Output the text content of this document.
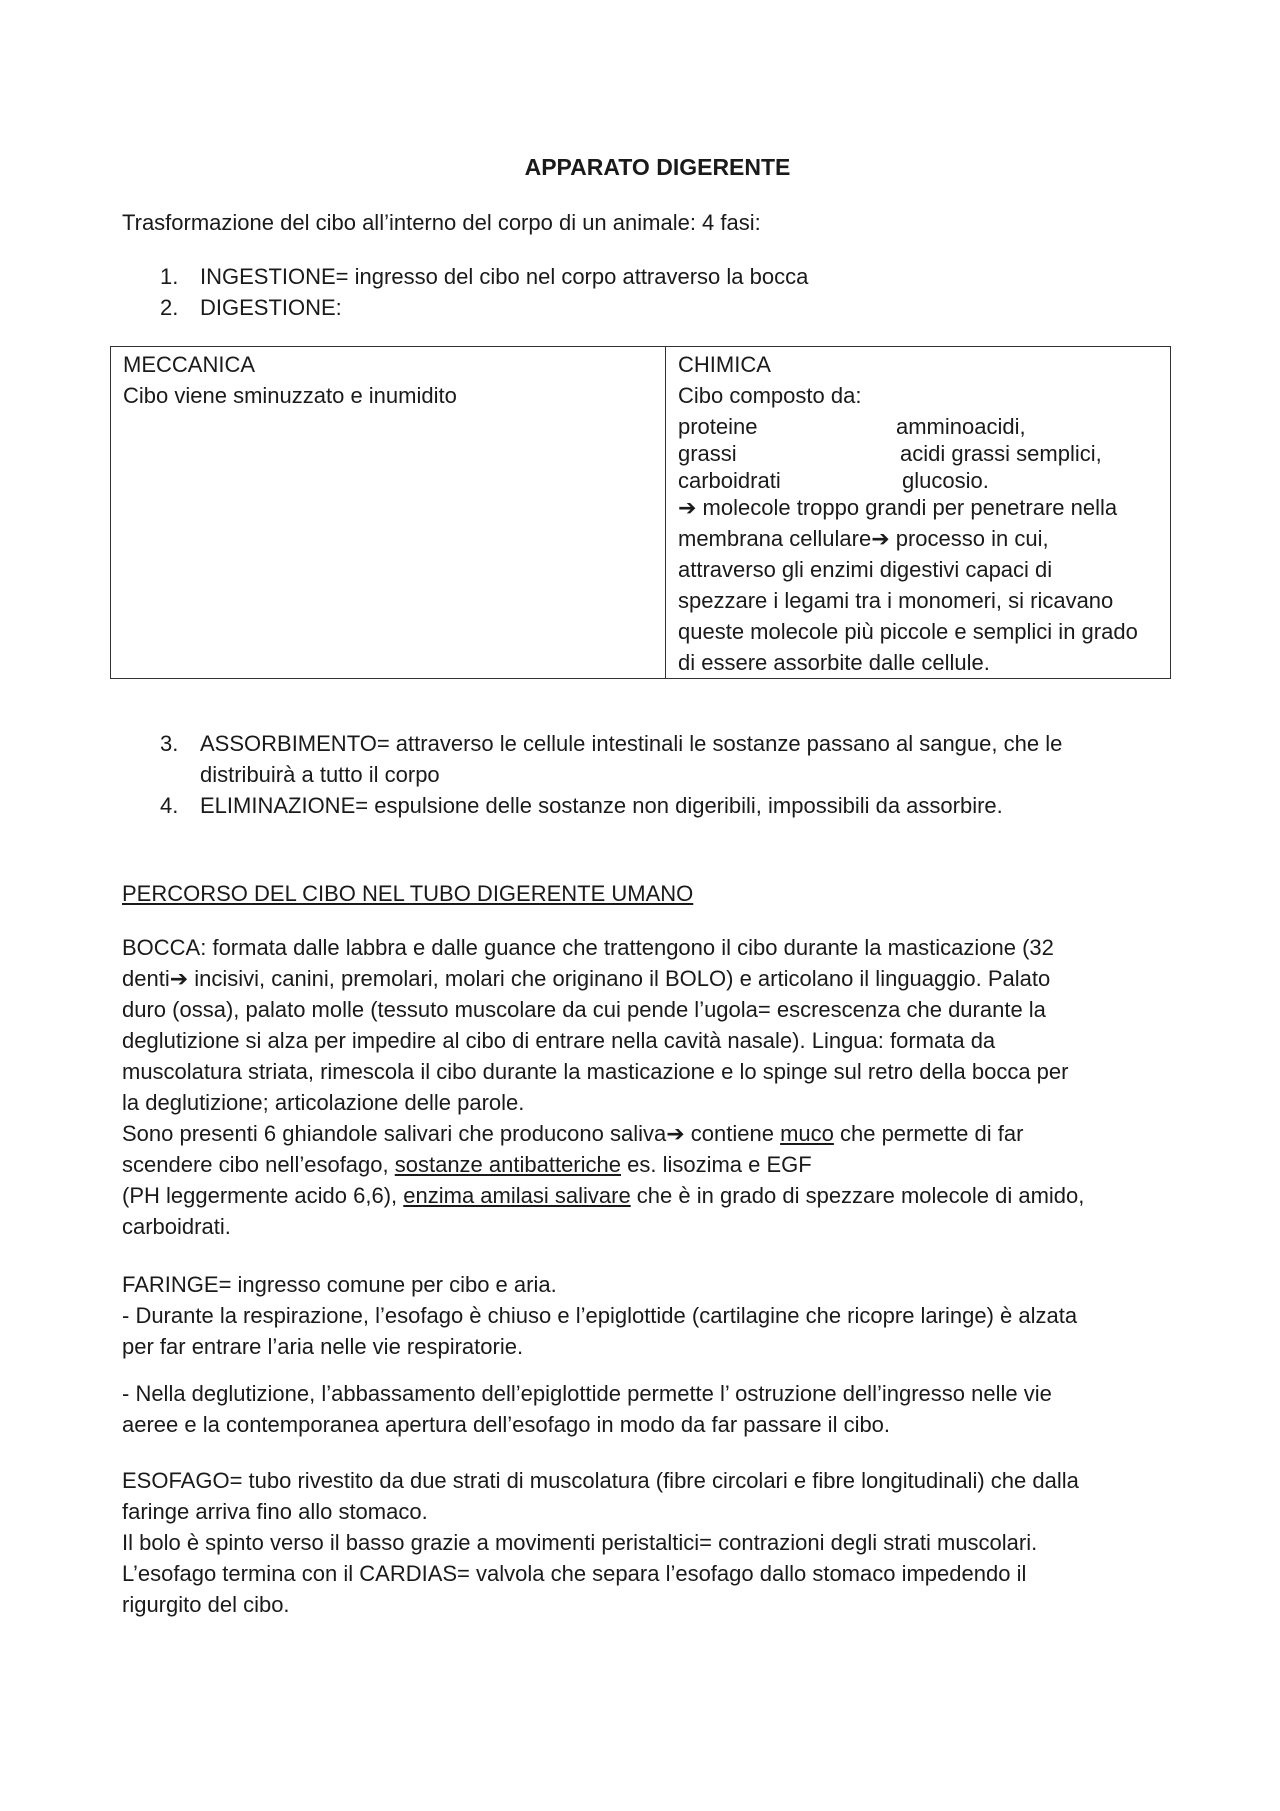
APPARATO DIGERENTE
Trasformazione del cibo all’interno del corpo di un animale: 4 fasi:
1. INGESTIONE= ingresso del cibo nel corpo attraverso la bocca
2. DIGESTIONE:
MECCANICA
Cibo viene sminuzzato e inumidito

CHIMICA
Cibo composto da:
proteine	amminoacidi,
grassi	acidi grassi semplici,
carboidrati	glucosio.
➔ molecole troppo grandi per penetrare nella
membrana cellulare➔ processo in cui,
attraverso gli enzimi digestivi capaci di
spezzare i legami tra i monomeri, si ricavano
queste molecole più piccole e semplici in grado
di essere assorbite dalle cellule.
3. ASSORBIMENTO= attraverso le cellule intestinali le sostanze passano al sangue, che le
distribuirà a tutto il corpo
4. ELIMINAZIONE= espulsione delle sostanze non digeribili, impossibili da assorbire.
PERCORSO DEL CIBO NEL TUBO DIGERENTE UMANO
BOCCA: formata dalle labbra e dalle guance che trattengono il cibo durante la masticazione (32
denti➔ incisivi, canini, premolari, molari che originano il BOLO) e articolano il linguaggio. Palato
duro (ossa), palato molle (tessuto muscolare da cui pende l’ugola= escrescenza che durante la
deglutizione si alza per impedire al cibo di entrare nella cavità nasale). Lingua: formata da
muscolatura striata, rimescola il cibo durante la masticazione e lo spinge sul retro della bocca per
la deglutizione; articolazione delle parole.
Sono presenti 6 ghiandole salivari che producono saliva➔ contiene muco che permette di far
scendere cibo nell’esofago, sostanze antibatteriche es. lisozima e EGF
(PH leggermente acido 6,6), enzima amilasi salivare che è in grado di spezzare molecole di amido,
carboidrati.
FARINGE= ingresso comune per cibo e aria.
- Durante la respirazione, l’esofago è chiuso e l’epiglottide (cartilagine che ricopre laringe) è alzata
per far entrare l’aria nelle vie respiratorie.
- Nella deglutizione, l’abbassamento dell’epiglottide permette l’ ostruzione dell’ingresso nelle vie
aeree e la contemporanea apertura dell’esofago in modo da far passare il cibo.
ESOFAGO= tubo rivestito da due strati di muscolatura (fibre circolari e fibre longitudinali) che dalla
faringe arriva fino allo stomaco.
Il bolo è spinto verso il basso grazie a movimenti peristaltici= contrazioni degli strati muscolari.
L’esofago termina con il CARDIAS= valvola che separa l’esofago dallo stomaco impedendo il
rigurgito del cibo.
